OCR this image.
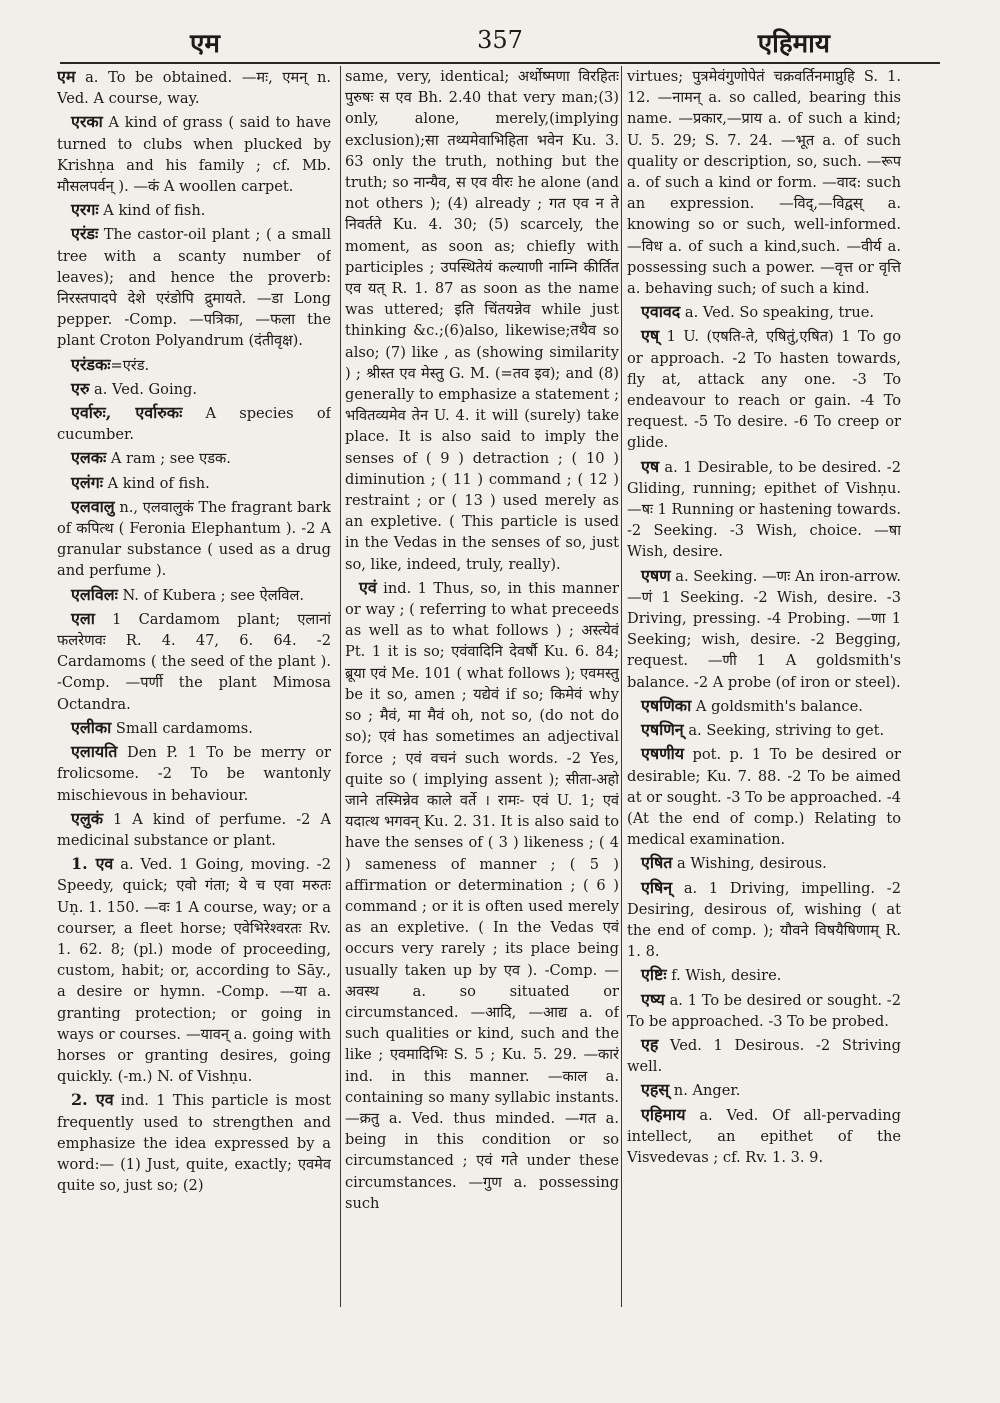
एम	357	एहिमाय

एम a. To be obtained. —मः, एमन् n. Ved. A course, way.

एरका A kind of grass ( said to have turned to clubs when plucked by Krishṇa and his family ; cf. Mb. मौसलपर्वन् ). —कं A woollen carpet.

एरगः A kind of fish.

एरंडः The castor-oil plant ; ( a small tree with a scanty number of leaves); and hence the proverb: निरस्तपादपे देशे एरंडोपि द्रुमायते. —डा Long pepper. -Comp. —पत्रिका, —फला the plant Croton Polyandrum (दंतीवृक्ष).

एरंडकः=एरंड.

एरु a. Ved. Going.

एर्वारुः, एर्वारुकः A species of cucumber.

एलकः A ram ; see एडक.

एलंगः A kind of fish.

एलवालु n., एलवालुकं The fragrant bark of कपित्थ ( Feronia Elephantum ). -2 A granular substance ( used as a drug and perfume ).

एलविलः N. of Kubera ; see ऐलविल.

एला 1 Cardamom plant; एलानां फलरेणवः R. 4. 47, 6. 64. -2 Cardamoms ( the seed of the plant ). -Comp. —पर्णी the plant Mimosa Octandra.

एलीका Small cardamoms.

एलायति Den P. 1 To be merry or frolicsome. -2 To be wantonly mischievous in behaviour.

एलुकं 1 A kind of perfume. -2 A medicinal substance or plant.

1. एव a. Ved. 1 Going, moving. -2 Speedy, quick; एवो गंता; ये च एवा मरुतः Uṇ. 1. 150. —वः 1 A course, way; or a courser, a fleet horse; एवेभिरेश्वरतः Rv. 1. 62. 8; (pl.) mode of proceeding, custom, habit; or, according to Sāy., a desire or hymn. -Comp. —या a. granting protection; or going in ways or courses. —यावन् a. going with horses or granting desires, going quickly. (-m.) N. of Vishṇu.

2. एव ind. 1 This particle is most frequently used to strengthen and emphasize the idea expressed by a word:— (1) Just, quite, exactly; एवमेव quite so, just so; (2)

same, very, identical; अर्थोष्मणा विरहितः पुरुषः स एव Bh. 2.40 that very man;(3) only, alone, merely,(implying exclusion);सा तथ्यमेवाभिहिता भवेन Ku. 3. 63 only the truth, nothing but the truth; so नान्यैव, स एव वीरः he alone (and not others ); (4) already ; गत एव न ते निवर्तते Ku. 4. 30; (5) scarcely, the moment, as soon as; chiefly with participles ; उपस्थितेयं कल्याणी नाम्नि कीर्तित एव यत् R. 1. 87 as soon as the name was uttered; इति चिंतयन्नेव while just thinking &c.;(6)also, likewise;तथैव so also; (7) like , as (showing similarity ) ; श्रीस्त एव मेस्तु G. M. (=तव इव); and (8) generally to emphasize a statement ; भवितव्यमेव तेन U. 4. it will (surely) take place. It is also said to imply the senses of ( 9 ) detraction ; ( 10 ) diminution ; ( 11 ) command ; ( 12 ) restraint ; or ( 13 ) used merely as an expletive. ( This particle is used in the Vedas in the senses of so, just so, like, indeed, truly, really).

एवं ind. 1 Thus, so, in this manner or way ; ( referring to what preceeds as well as to what follows ) ; अस्त्येवं Pt. 1 it is so; एवंवादिनि देवर्षौ Ku. 6. 84; ब्रूया एवं Me. 101 ( what follows ); एवमस्तु be it so, amen ; यद्येवं if so; किमेवं why so ; मैवं, मा मैवं oh, not so, (do not do so); एवं has sometimes an adjectival force ; एवं वचनं such words. -2 Yes, quite so ( implying assent ); सीता-अहो जाने तस्मिन्नेव काले वर्ते । रामः- एवं U. 1; एवं यदात्थ भगवन् Ku. 2. 31. It is also said to have the senses of ( 3 ) likeness ; ( 4 ) sameness of manner ; ( 5 ) affirmation or determination ; ( 6 ) command ; or it is often used merely as an expletive. ( In the Vedas एवं occurs very rarely ; its place being usually taken up by एव ). -Comp. —अवस्थ a. so situated or circumstanced. —आदि, —आद्य a. of such qualities or kind, such and the like ; एवमादिभिः S. 5 ; Ku. 5. 29. —कारं ind. in this manner. —काल a. containing so many syllabic instants. —क्रतु a. Ved. thus minded. —गत a. being in this condition or so circumstanced ; एवं गते under these circumstances. —गुण a. possessing such

virtues; पुत्रमेवंगुणोपेतं चक्रवर्तिनमाप्नुहि S. 1. 12. —नामन् a. so called, bearing this name. —प्रकार,—प्राय a. of such a kind; U. 5. 29; S. 7. 24. —भूत a. of such quality or description, so, such. —रूप a. of such a kind or form. —वाद: such an expression. —विद्,—विद्वस् a. knowing so or such, well-informed. —विध a. of such a kind,such. —वीर्य a. possessing such a power. —वृत्त or वृत्ति a. behaving such; of such a kind.

एवावद a. Ved. So speaking, true.

एष् 1 U. (एषति-ते, एषितुं,एषित) 1 To go or approach. -2 To hasten towards, fly at, attack any one. -3 To endeavour to reach or gain. -4 To request. -5 To desire. -6 To creep or glide.

एष a. 1 Desirable, to be desired. -2 Gliding, running; epithet of Vishṇu. —षः 1 Running or hastening towards. -2 Seeking. -3 Wish, choice. —षा Wish, desire.

एषण a. Seeking. —णः An iron-arrow. —णं 1 Seeking. -2 Wish, desire. -3 Driving, pressing. -4 Probing. —णा 1 Seeking; wish, desire. -2 Begging, request. —णी 1 A goldsmith's balance. -2 A probe (of iron or steel).

एषणिका A goldsmith's balance.

एषणिन् a. Seeking, striving to get.

एषणीय pot. p. 1 To be desired or desirable; Ku. 7. 88. -2 To be aimed at or sought. -3 To be approached. -4 (At the end of comp.) Relating to medical examination.

एषित a Wishing, desirous.

एषिन् a. 1 Driving, impelling. -2 Desiring, desirous of, wishing ( at the end of comp. ); यौवने विषयैषिणाम् R. 1. 8.

एष्टिः f. Wish, desire.

एष्य a. 1 To be desired or sought. -2 To be approached. -3 To be probed.

एह Ved. 1 Desirous. -2 Striving well.

एहस् n. Anger.

एहिमाय a. Ved. Of all-pervading intellect, an epithet of the Visvedevas ; cf. Rv. 1. 3. 9.
